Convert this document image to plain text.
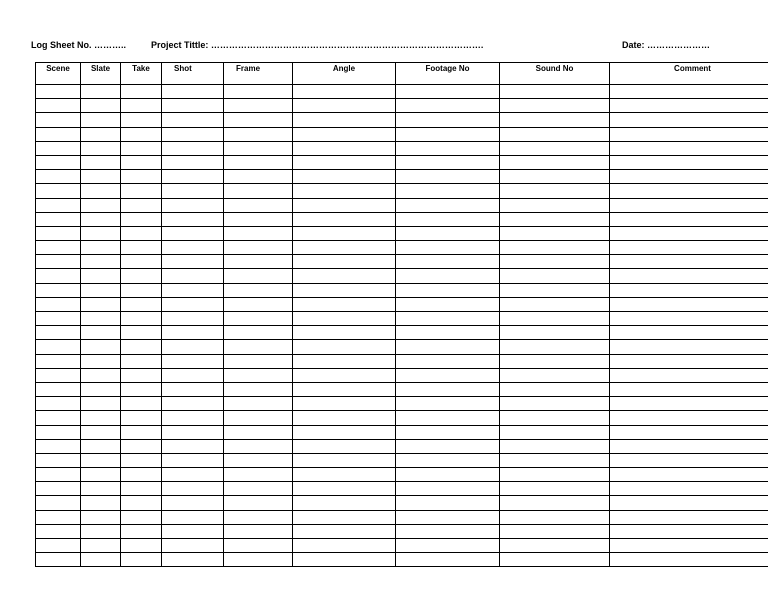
Log Sheet No. ………..	Project Tittle: ……………………………………………………………………………….	Date: …………………
Scene	Slate	Take	Shot	Frame	Angle	Footage No	Sound No	Comment
